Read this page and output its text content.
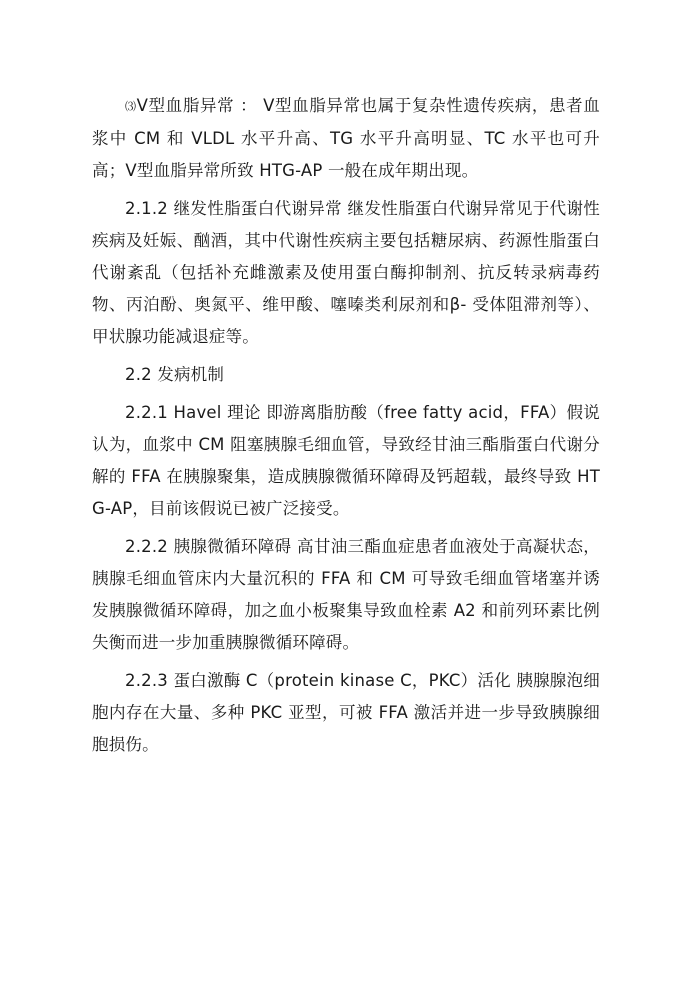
⑶Ⅴ型血脂异常 ： Ⅴ型血脂异常也属于复杂性遗传疾病，患者血浆中 CM 和 VLDL 水平升高、TG 水平升高明显、TC 水平也可升高；Ⅴ型血脂异常所致 HTG-AP 一般在成年期出现。

2.1.2 继发性脂蛋白代谢异常 继发性脂蛋白代谢异常见于代谢性疾病及妊娠、酗酒，其中代谢性疾病主要包括糖尿病、药源性脂蛋白代谢紊乱（包括补充雌激素及使用蛋白酶抑制剂、抗反转录病毒药物、丙泊酚、奥氮平、维甲酸、噻嗪类利尿剂和β- 受体阻滞剂等）、甲状腺功能减退症等。

2.2 发病机制

2.2.1 Havel 理论 即游离脂肪酸（free fatty acid，FFA）假说认为，血浆中 CM 阻塞胰腺毛细血管，导致经甘油三酯脂蛋白代谢分解的 FFA 在胰腺聚集，造成胰腺微循环障碍及钙超载，最终导致 HTG-AP，目前该假说已被广泛接受。

2.2.2 胰腺微循环障碍 高甘油三酯血症患者血液处于高凝状态，胰腺毛细血管床内大量沉积的 FFA 和 CM 可导致毛细血管堵塞并诱发胰腺微循环障碍，加之血小板聚集导致血栓素 A2 和前列环素比例失衡而进一步加重胰腺微循环障碍。

2.2.3 蛋白激酶 C（protein kinase C，PKC）活化 胰腺腺泡细胞内存在大量、多种 PKC 亚型，可被 FFA 激活并进一步导致胰腺细胞损伤。
